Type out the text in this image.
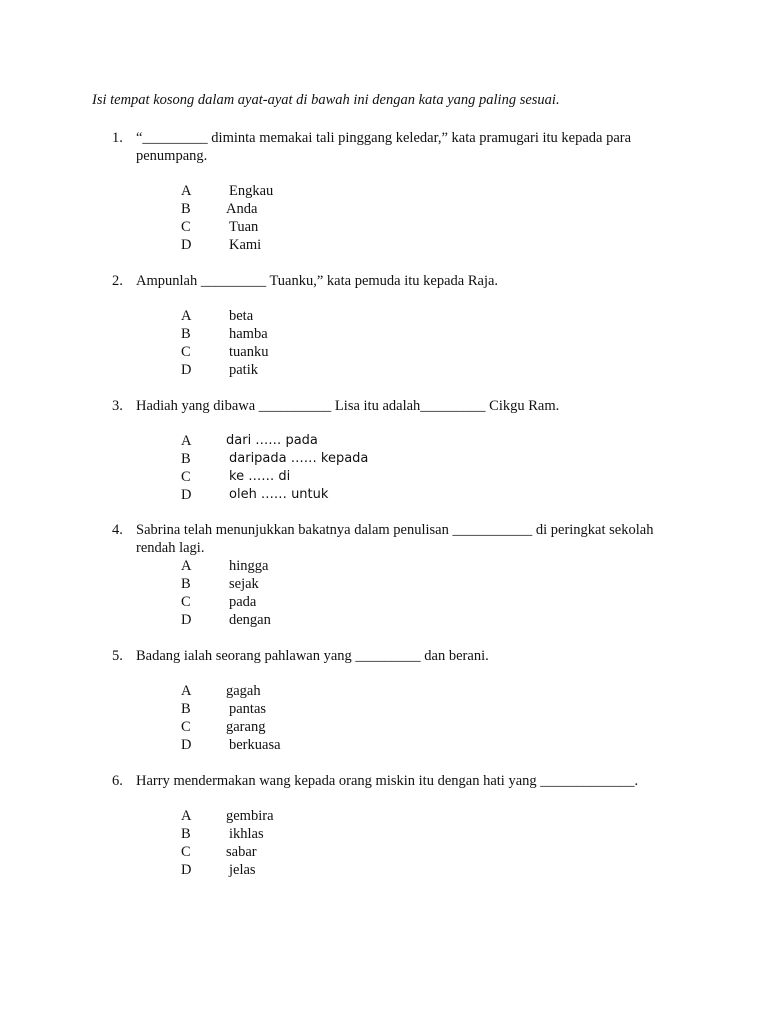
Isi tempat kosong dalam ayat-ayat di bawah ini dengan kata yang paling sesuai.
1. “_________ diminta memakai tali pinggang keledar,” kata pramugari itu kepada para
penumpang.
A	Engkau
B	Anda
C	Tuan
D	Kami
2. Ampunlah _________ Tuanku,” kata pemuda itu kepada Raja.
A	beta
B	hamba
C	tuanku
D	patik
3. Hadiah yang dibawa __________ Lisa itu adalah_________ Cikgu Ram.
A	dari …… pada
B	daripada …… kepada
C	ke …… di
D	oleh …… untuk
4. Sabrina telah menunjukkan bakatnya dalam penulisan ___________ di peringkat sekolah
rendah lagi.
A	hingga
B	sejak
C	pada
D	dengan
5. Badang ialah seorang pahlawan yang _________ dan berani.
A	gagah
B	pantas
C	garang
D	berkuasa
6. Harry mendermakan wang kepada orang miskin itu dengan hati yang _____________.
A	gembira
B	ikhlas
C	sabar
D	jelas
